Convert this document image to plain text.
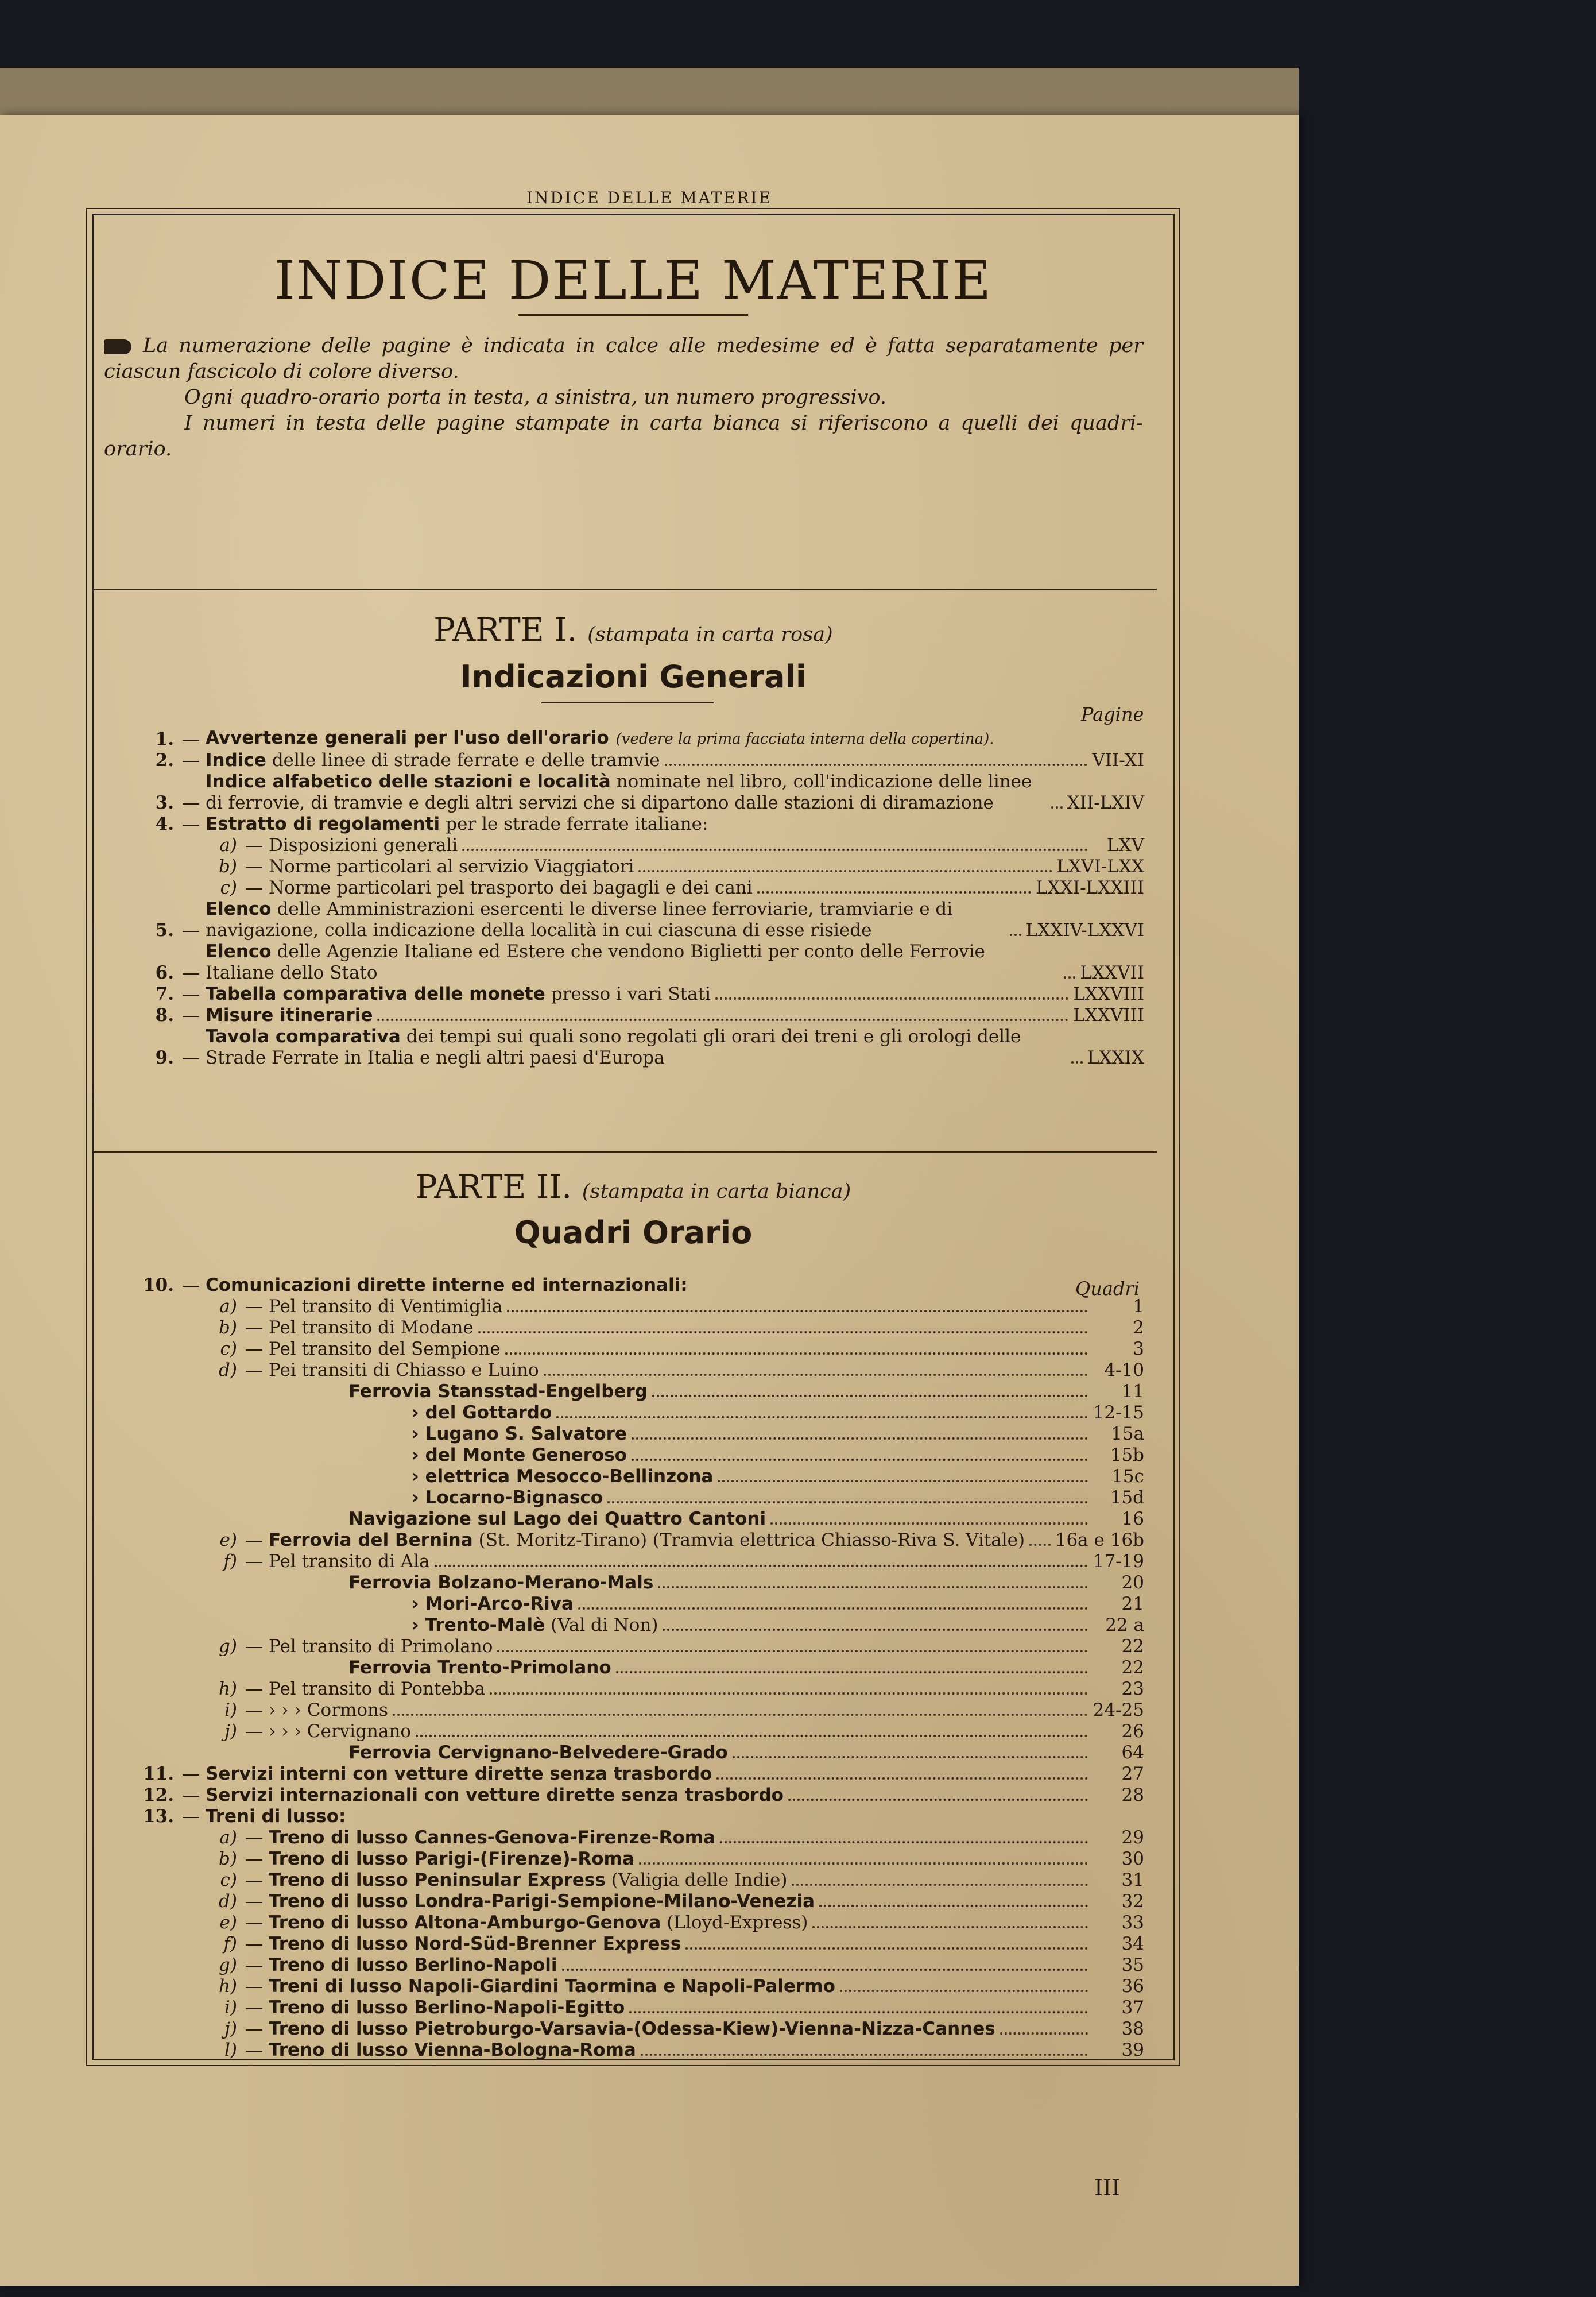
INDICE DELLE MATERIE
INDICE DELLE MATERIE

La numerazione delle pagine è indicata in calce alle medesime ed è fatta separatamente per ciascun fascicolo di colore diverso.

Ogni quadro-orario porta in testa, a sinistra, un numero progressivo.

I numeri in testa delle pagine stampate in carta bianca si riferiscono a quelli dei quadri-orario.

PARTE I. (stampata in carta rosa)
Indicazioni Generali
Pagine
1. — Avvertenze generali per l'uso dell'orario (vedere la prima facciata interna della copertina).
2. — Indice delle linee di strade ferrate e delle tramvie	VII-XI
3. —
Indice alfabetico delle stazioni e località nominate nel libro, coll'indicazione delle linee di ferrovie, di tramvie e degli altri servizi che si dipartono dalle stazioni di diramazione	XII-LXIV
4. — Estratto di regolamenti per le strade ferrate italiane:
a) — Disposizioni generali	LXV
b) — Norme particolari al servizio Viaggiatori	LXVI-LXX
c) — Norme particolari pel trasporto dei bagagli e dei cani	LXXI-LXXIII
5. —
Elenco delle Amministrazioni esercenti le diverse linee ferroviarie, tramviarie e di navigazione, colla indicazione della località in cui ciascuna di esse risiede	LXXIV-LXXVI
6. —
Elenco delle Agenzie Italiane ed Estere che vendono Biglietti per conto delle Ferrovie Italiane dello Stato	LXXVII
7. — Tabella comparativa delle monete presso i vari Stati	LXXVIII
8. — Misure itinerarie	LXXVIII
9. —
Tavola comparativa dei tempi sui quali sono regolati gli orari dei treni e gli orologi delle Strade Ferrate in Italia e negli altri paesi d'Europa	LXXIX
PARTE II. (stampata in carta bianca)
Quadri Orario
Quadri
10. — Comunicazioni dirette interne ed internazionali:
a) — Pel transito di Ventimiglia	1
b) — Pel transito di Modane	2
c) — Pel transito del Sempione	3
d) — Pei transiti di Chiasso e Luino	4-10
Ferrovia Stansstad-Engelberg	11
› del Gottardo	12-15
› Lugano S. Salvatore	15a
› del Monte Generoso	15b
› elettrica Mesocco-Bellinzona	15c
› Locarno-Bignasco	15d
Navigazione sul Lago dei Quattro Cantoni	16
e) — Ferrovia del Bernina (St. Moritz-Tirano) (Tramvia elettrica Chiasso-Riva S. Vitale) 16a e 16b
f) — Pel transito di Ala	17-19
Ferrovia Bolzano-Merano-Mals	20
› Mori-Arco-Riva	21
› Trento-Malè (Val di Non)	22 a
g) — Pel transito di Primolano	22
Ferrovia Trento-Primolano	22
h) — Pel transito di Pontebba	23
i) — › › › Cormons	24-25
j) — › › › Cervignano	26
Ferrovia Cervignano-Belvedere-Grado	64
11. — Servizi interni con vetture dirette senza trasbordo	27
12. — Servizi internazionali con vetture dirette senza trasbordo	28
13. — Treni di lusso:
a) — Treno di lusso Cannes-Genova-Firenze-Roma	29
b) — Treno di lusso Parigi-(Firenze)-Roma	30
c) — Treno di lusso Peninsular Express (Valigia delle Indie)	31
d) — Treno di lusso Londra-Parigi-Sempione-Milano-Venezia	32
e) — Treno di lusso Altona-Amburgo-Genova (Lloyd-Express)	33
f) — Treno di lusso Nord-Süd-Brenner Express	34
g) — Treno di lusso Berlino-Napoli	35
h) — Treni di lusso Napoli-Giardini Taormina e Napoli-Palermo	36
i) — Treno di lusso Berlino-Napoli-Egitto	37
j) — Treno di lusso Pietroburgo-Varsavia-(Odessa-Kiew)-Vienna-Nizza-Cannes	38
l) — Treno di lusso Vienna-Bologna-Roma	39
III
